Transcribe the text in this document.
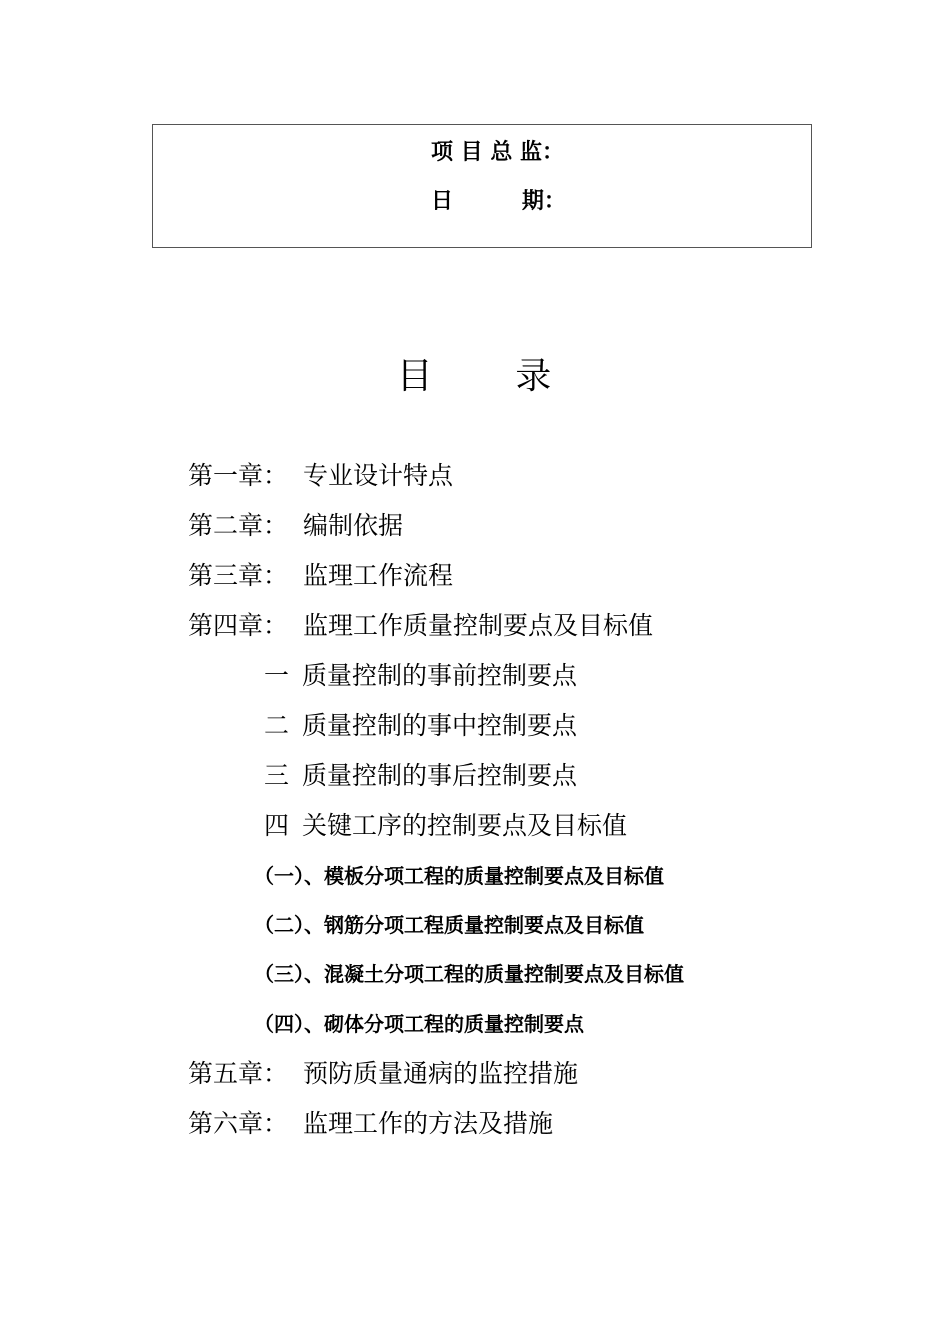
项 目 总 监：
日         期：
目      录

第一章：

专业设计特点

第二章：

编制依据

第三章：

监理工作流程

第四章：

监理工作质量控制要点及目标值

一

质量控制的事前控制要点

二

质量控制的事中控制要点

三

质量控制的事后控制要点

四

关键工序的控制要点及目标值

（一）、模板分项工程的质量控制要点及目标值
（二）、钢筋分项工程质量控制要点及目标值
（三）、混凝土分项工程的质量控制要点及目标值
（四）、砌体分项工程的质量控制要点

第五章：

预防质量通病的监控措施

第六章：

监理工作的方法及措施
